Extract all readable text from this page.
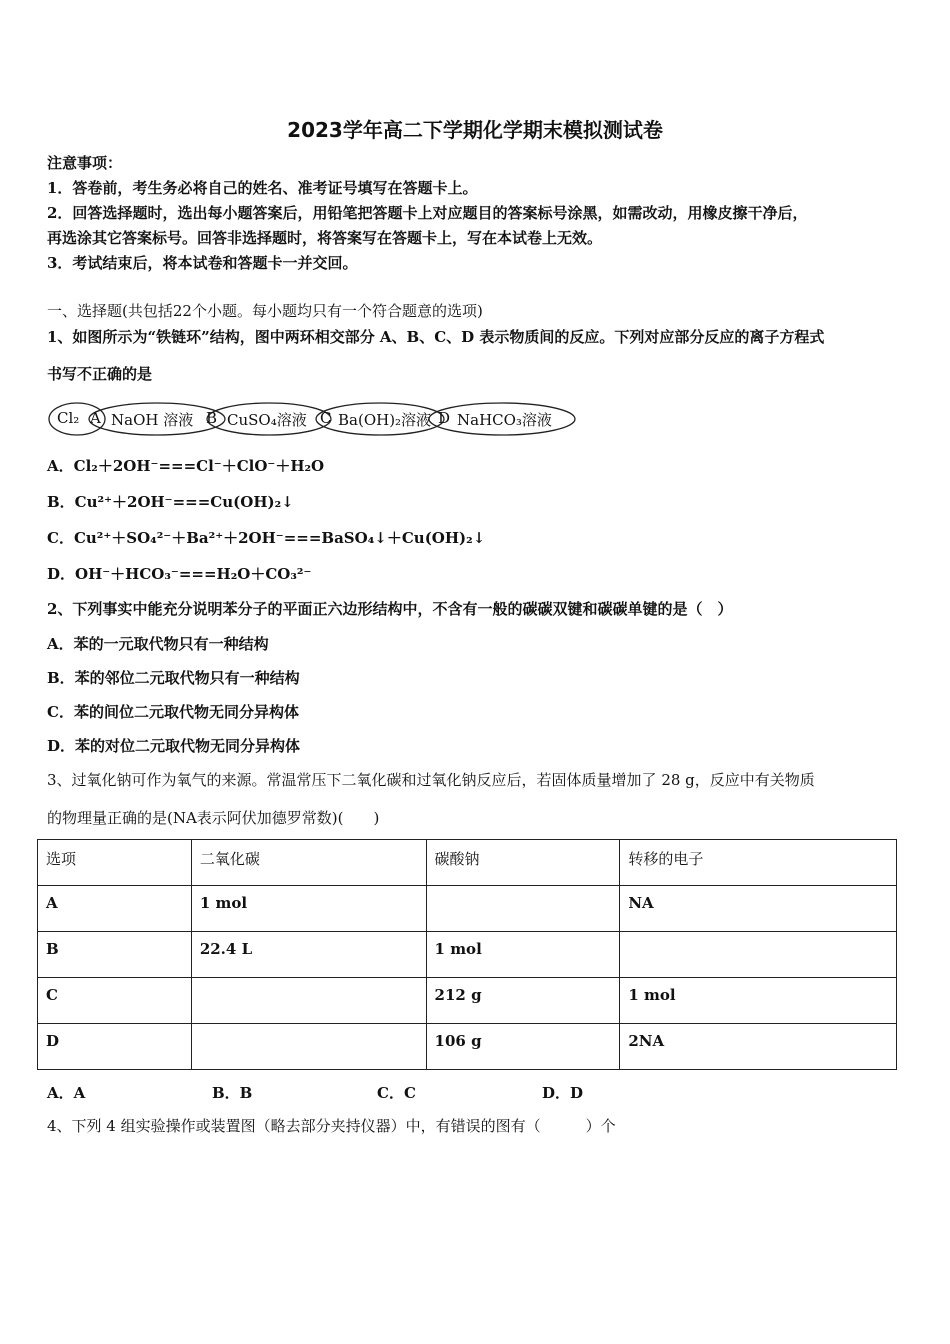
2023学年高二下学期化学期末模拟测试卷
注意事项：
1．答卷前，考生务必将自己的姓名、准考证号填写在答题卡上。
2．回答选择题时，选出每小题答案后，用铅笔把答题卡上对应题目的答案标号涂黑，如需改动，用橡皮擦干净后，
再选涂其它答案标号。回答非选择题时，将答案写在答题卡上，写在本试卷上无效。
3．考试结束后，将本试卷和答题卡一并交回。
一、选择题(共包括22个小题。每小题均只有一个符合题意的选项)
1、如图所示为“铁链环”结构，图中两环相交部分 A、B、C、D 表示物质间的反应。下列对应部分反应的离子方程式
书写不正确的是
Cl₂ A NaOH 溶液 B CuSO₄溶液 C Ba(OH)₂溶液 D NaHCO₃溶液
A．Cl₂＋2OH⁻===Cl⁻＋ClO⁻＋H₂O
B．Cu²⁺＋2OH⁻===Cu(OH)₂↓
C．Cu²⁺＋SO₄²⁻＋Ba²⁺＋2OH⁻===BaSO₄↓＋Cu(OH)₂↓
D．OH⁻＋HCO₃⁻===H₂O＋CO₃²⁻
2、下列事实中能充分说明苯分子的平面正六边形结构中，不含有一般的碳碳双键和碳碳单键的是（　）
A．苯的一元取代物只有一种结构
B．苯的邻位二元取代物只有一种结构
C．苯的间位二元取代物无同分异构体
D．苯的对位二元取代物无同分异构体
3、过氧化钠可作为氧气的来源。常温常压下二氧化碳和过氧化钠反应后，若固体质量增加了 28 g，反应中有关物质
的物理量正确的是(NA表示阿伏加德罗常数)(　　)
选项	二氧化碳	碳酸钠	转移的电子
A	1 mol		NA
B	22.4 L	1 mol	
C		212 g	1 mol
D		106 g	2NA
A．A	B．B	C．C	D．D
4、下列 4 组实验操作或装置图（略去部分夹持仪器）中，有错误的图有（　　　）个
